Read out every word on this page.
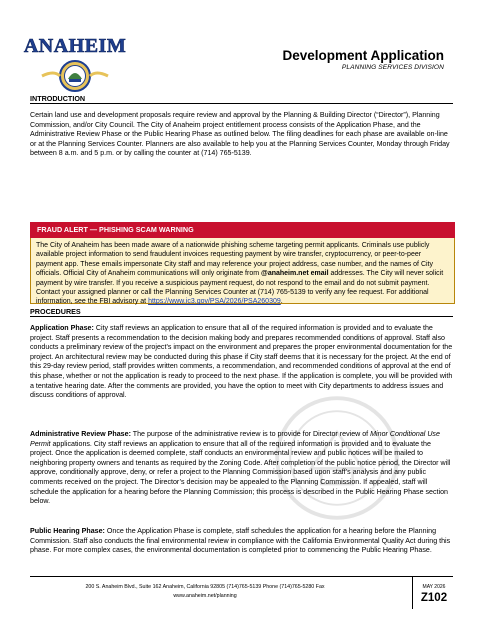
ANAHEIM	Development Application
PLANNING SERVICES DIVISION
INTRODUCTION
Certain land use and development proposals require review and approval by the Planning & Building Director (“Director”), Planning Commission, and/or City Council. The City of Anaheim project entitlement process consists of the Application Phase, and the Administrative Review Phase or the Public Hearing Phase as outlined below. The filing deadlines for each phase are available on-line or at the Planning Services Counter. Planners are also available to help you at the Planning Services Counter, Monday through Friday between 8 a.m. and 5 p.m. or by calling the counter at (714) 765-5139.
FRAUD ALERT — PHISHING SCAM WARNING
The City of Anaheim has been made aware of a nationwide phishing scheme targeting permit applicants. Criminals use publicly available project information to send fraudulent invoices requesting payment by wire transfer, cryptocurrency, or peer-to-peer payment app. These emails impersonate City staff and may reference your project address, case number, and the names of City officials. Official City of Anaheim communications will only originate from @anaheim.net email addresses. The City will never solicit payment by wire transfer. If you receive a suspicious payment request, do not respond to the email and do not submit payment. Contact your assigned planner or call the Planning Services Counter at (714) 765-5139 to verify any fee request. For additional information, see the FBI advisory at https://www.ic3.gov/PSA/2026/PSA260309.
PROCEDURES
Application Phase: City staff reviews an application to ensure that all of the required information is provided and to evaluate the project. Staff presents a recommendation to the decision making body and prepares recommended conditions of approval. Staff also conducts a preliminary review of the project’s impact on the environment and prepares the proper environmental documentation for the project. An architectural review may be conducted during this phase if City staff deems that it is necessary for the project. At the end of this 29-day review period, staff provides written comments, a recommendation, and recommended conditions of approval at the end of this phase, whether or not the application is ready to proceed to the next phase. If the application is complete, you will be provided with a tentative hearing date. After the comments are provided, you have the option to meet with City departments to address issues and discuss conditions of approval.
Administrative Review Phase: The purpose of the administrative review is to provide for Director review of Minor Conditional Use Permit applications. City staff reviews an application to ensure that all of the required information is provided and to evaluate the project. Once the application is deemed complete, staff conducts an environmental review and public notices will be mailed to neighboring property owners and tenants as required by the Zoning Code. After completion of the public notice period, the Director will approve, conditionally approve, deny, or refer a project to the Planning Commission based upon staff’s analysis and any public comments received on the project. The Director’s decision may be appealed to the Planning Commission. If appealed, staff will schedule the application for a hearing before the Planning Commission; this process is described in the Public Hearing Phase section below.
Public Hearing Phase: Once the Application Phase is complete, staff schedules the application for a hearing before the Planning Commission. Staff also conducts the final environmental review in compliance with the California Environmental Quality Act during this phase. For more complex cases, the environmental documentation is completed prior to commencing the Public Hearing Phase.
200 S. Anaheim Blvd., Suite 162 Anaheim, California 92805 (714)765-5139 Phone (714)765-5280 Fax
www.anaheim.net/planning
MAY 2026
Z102
